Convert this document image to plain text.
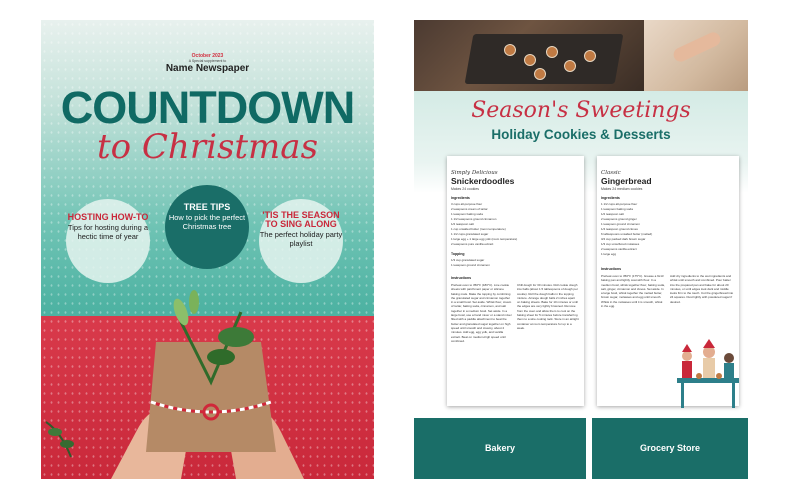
October 2023
A Special supplement to
Name Newspaper
COUNTDOWN
to Christmas
HOSTING HOW-TO
Tips for hosting during a hectic time of year
TREE TIPS
How to pick the perfect Christmas tree
'TIS THE SEASON TO SING ALONG
The perfect holiday party playlist
Season's Sweetings
Holiday Cookies & Desserts
Simply Delicious
Snickerdoodles
Makes 24 cookies
Ingredients
3 cups all-purpose flour
2 teaspoons cream of tartar
1 teaspoon baking soda
1 1/2 teaspoons ground cinnamon
1/2 teaspoon salt
1 cup unsalted butter (room temperature)
1 1/2 cups granulated sugar
1 large egg + 1 large egg yolk (room temperature)
2 teaspoons pure vanilla extract
Topping
1/3 cup granulated sugar
1 teaspoon ground cinnamon
Instructions
Preheat oven to 350°F (180°C). Line cookie sheets with parchment paper or silicone baking mats. Make the topping by combining the granulated sugar and cinnamon together in a small bowl. Set aside. Whisk flour, cream of tartar, baking soda, cinnamon, and salt together in a medium bowl. Set aside. In a large bowl, use a hand mixer or a stand mixer fitted with a paddle attachment to beat the butter and granulated sugar together on high speed until smooth and creamy, about 2 minutes. Add egg, egg yolk, and vanilla extract. Beat on medium-high speed until combined.
Chill dough for 30 minutes. Roll cookie dough into balls (about 1.5 tablespoons of dough per cookie). Roll the dough balls in the topping mixture. Arrange dough balls 2 inches apart on baking sheets. Bake for 10 minutes or until the edges are very lightly browned. Remove from the oven and allow them to cool on the baking sheet for 5 minutes before transferring them to a wire cooling rack. Store in an airtight container at room temperature for up to a week.
Classic
Gingerbread
Makes 24 medium cookies
Ingredients
1 1/2 cups all-purpose flour
1 teaspoon baking soda
1/2 teaspoon salt
2 teaspoons ground ginger
1 teaspoon ground cinnamon
1/4 teaspoon ground cloves
6 tablespoons unsalted butter (melted)
3/4 cup packed dark brown sugar
1/3 cup unsulfured molasses
2 teaspoons vanilla extract
1 large egg
Instructions
Preheat oven to 350°F (175°C). Grease a 9x13 baking pan and lightly coat with flour. In a medium bowl, whisk together flour, baking soda, salt, ginger, cinnamon and cloves. Set aside. In a large bowl, whisk together the melted butter, brown sugar, molasses and egg until smooth. Whisk in the molasses until it is smooth, whisk in the egg.
Add dry ingredients to the wet ingredients and whisk until smooth and combined. Pour batter into the prepared pan and bake for about 20 minutes, or until edges look dark and middle looks firm to the touch. Cut the gingerbread into 24 squares. Dust lightly with powdered sugar if desired.
Bakery	Grocery Store
